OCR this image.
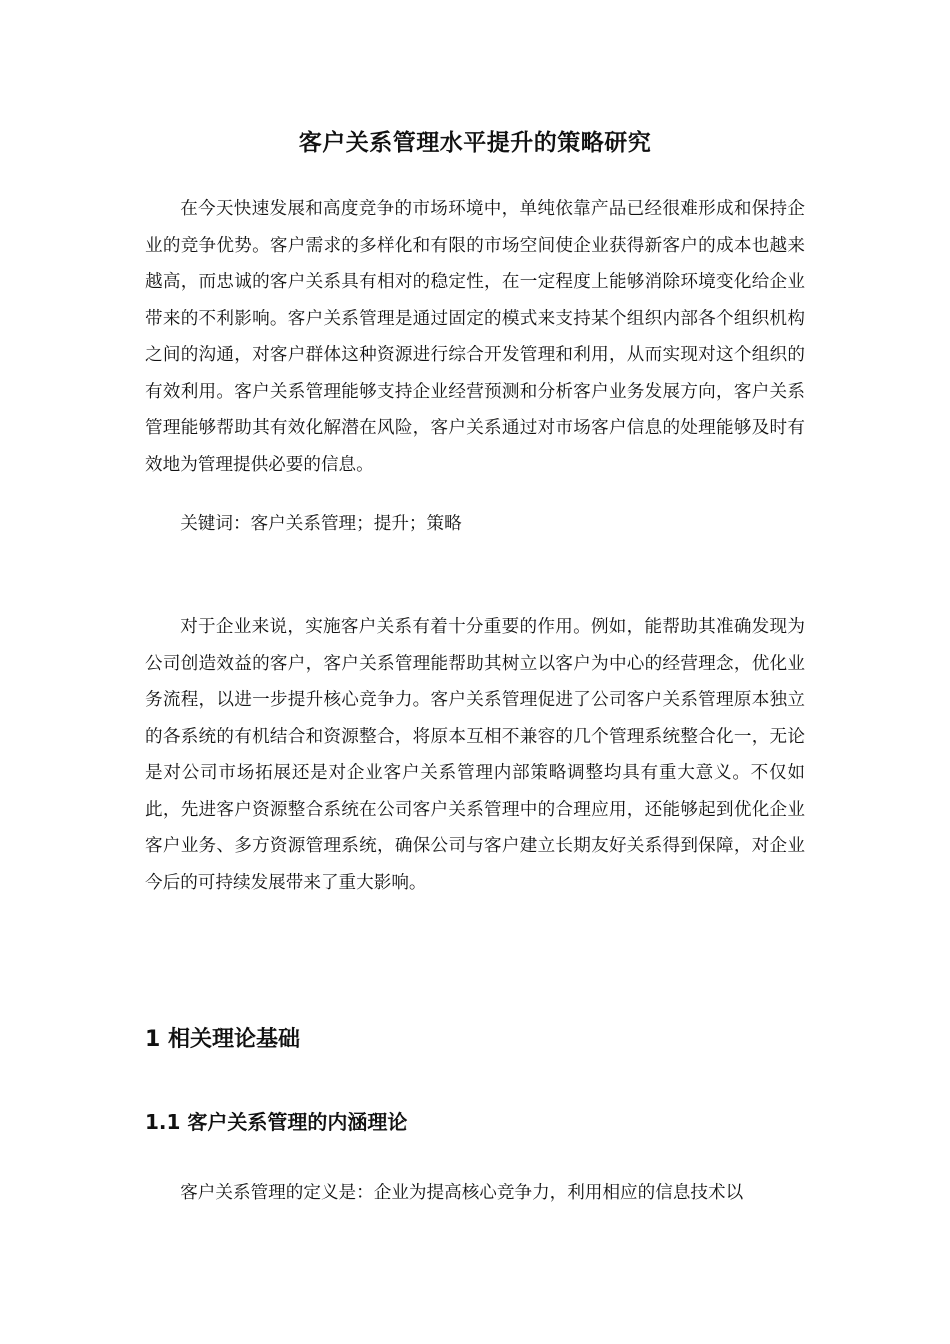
客户关系管理水平提升的策略研究

在今天快速发展和高度竞争的市场环境中，单纯依靠产品已经很难形成和保持企业的竞争优势。客户需求的多样化和有限的市场空间使企业获得新客户的成本也越来越高，而忠诚的客户关系具有相对的稳定性，在一定程度上能够消除环境变化给企业带来的不利影响。客户关系管理是通过固定的模式来支持某个组织内部各个组织机构之间的沟通，对客户群体这种资源进行综合开发管理和利用，从而实现对这个组织的有效利用。客户关系管理能够支持企业经营预测和分析客户业务发展方向，客户关系管理能够帮助其有效化解潜在风险，客户关系通过对市场客户信息的处理能够及时有效地为管理提供必要的信息。

关键词：客户关系管理；提升；策略

对于企业来说，实施客户关系有着十分重要的作用。例如，能帮助其准确发现为公司创造效益的客户，客户关系管理能帮助其树立以客户为中心的经营理念，优化业务流程，以进一步提升核心竞争力。客户关系管理促进了公司客户关系管理原本独立的各系统的有机结合和资源整合，将原本互相不兼容的几个管理系统整合化一，无论是对公司市场拓展还是对企业客户关系管理内部策略调整均具有重大意义。不仅如此，先进客户资源整合系统在公司客户关系管理中的合理应用，还能够起到优化企业客户业务、多方资源管理系统，确保公司与客户建立长期友好关系得到保障，对企业今后的可持续发展带来了重大影响。

1 相关理论基础
1.1 客户关系管理的内涵理论

客户关系管理的定义是：企业为提高核心竞争力，利用相应的信息技术以
